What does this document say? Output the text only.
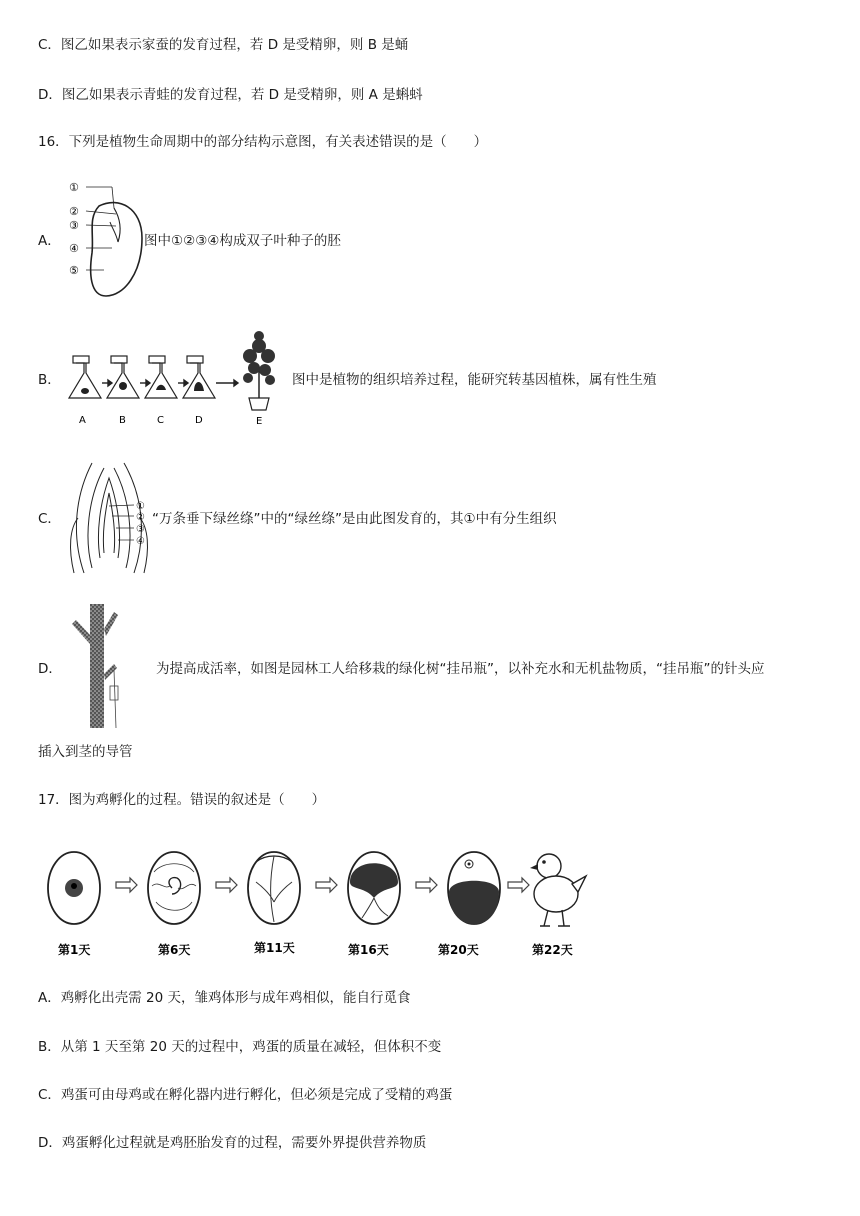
C．图乙如果表示家蚕的发育过程，若 D 是受精卵，则 B 是蛹
D．图乙如果表示青蛙的发育过程，若 D 是受精卵，则 A 是蝌蚪
16．下列是植物生命周期中的部分结构示意图，有关表述错误的是（　　）
A．
①
②
③
④
⑤
图中①②③④构成双子叶种子的胚
B．
A	B	C	D	E
图中是植物的组织培养过程，能研究转基因植株，属有性生殖
C．
①
②
③
④
“万条垂下绿丝绦”中的“绿丝绦”是由此图发育的，其①中有分生组织
D．	为提高成活率，如图是园林工人给移栽的绿化树“挂吊瓶”，以补充水和无机盐物质，“挂吊瓶”的针头应
插入到茎的导管
17．图为鸡孵化的过程。错误的叙述是（　　）
第1天	第6天	第11天	第16天	第20天	第22天
A．鸡孵化出壳需 20 天，雏鸡体形与成年鸡相似，能自行觅食
B．从第 1 天至第 20 天的过程中，鸡蛋的质量在减轻，但体积不变
C．鸡蛋可由母鸡或在孵化器内进行孵化，但必须是完成了受精的鸡蛋
D．鸡蛋孵化过程就是鸡胚胎发育的过程，需要外界提供营养物质
